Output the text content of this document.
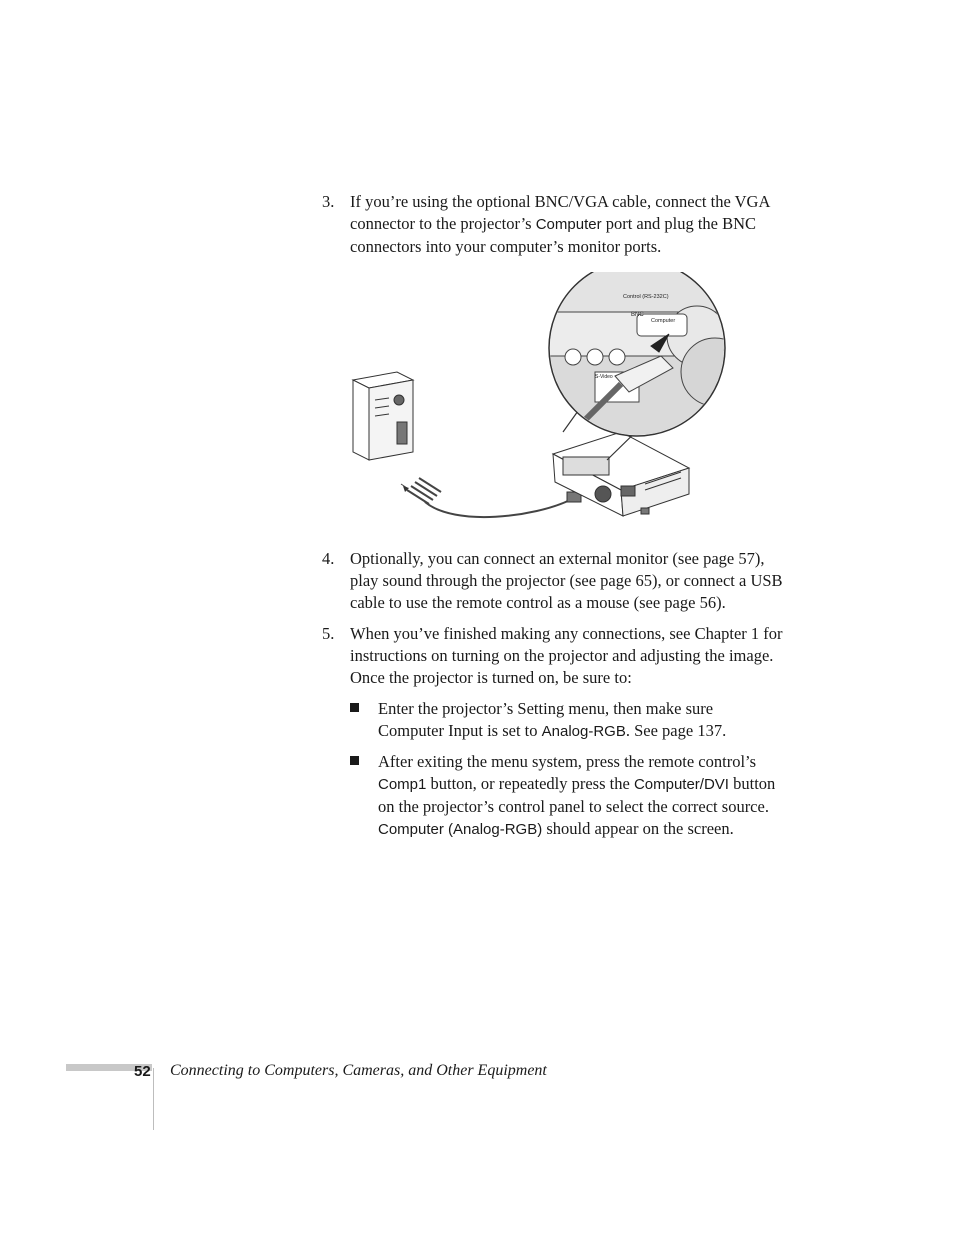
3. If you’re using the optional BNC/VGA cable, connect the VGA connector to the projector’s Computer port and plug the BNC connectors into your computer’s monitor ports.
Control (RS-232C)
BNC
Computer
S-Video
4. Optionally, you can connect an external monitor (see page 57), play sound through the projector (see page 65), or connect a USB cable to use the remote control as a mouse (see page 56).
5. When you’ve finished making any connections, see Chapter 1 for instructions on turning on the projector and adjusting the image. Once the projector is turned on, be sure to:
Enter the projector’s Setting menu, then make sure Computer Input is set to Analog-RGB. See page 137.
After exiting the menu system, press the remote control’s Comp1 button, or repeatedly press the Computer/DVI button on the projector’s control panel to select the correct source. Computer (Analog-RGB) should appear on the screen.
52 Connecting to Computers, Cameras, and Other Equipment
